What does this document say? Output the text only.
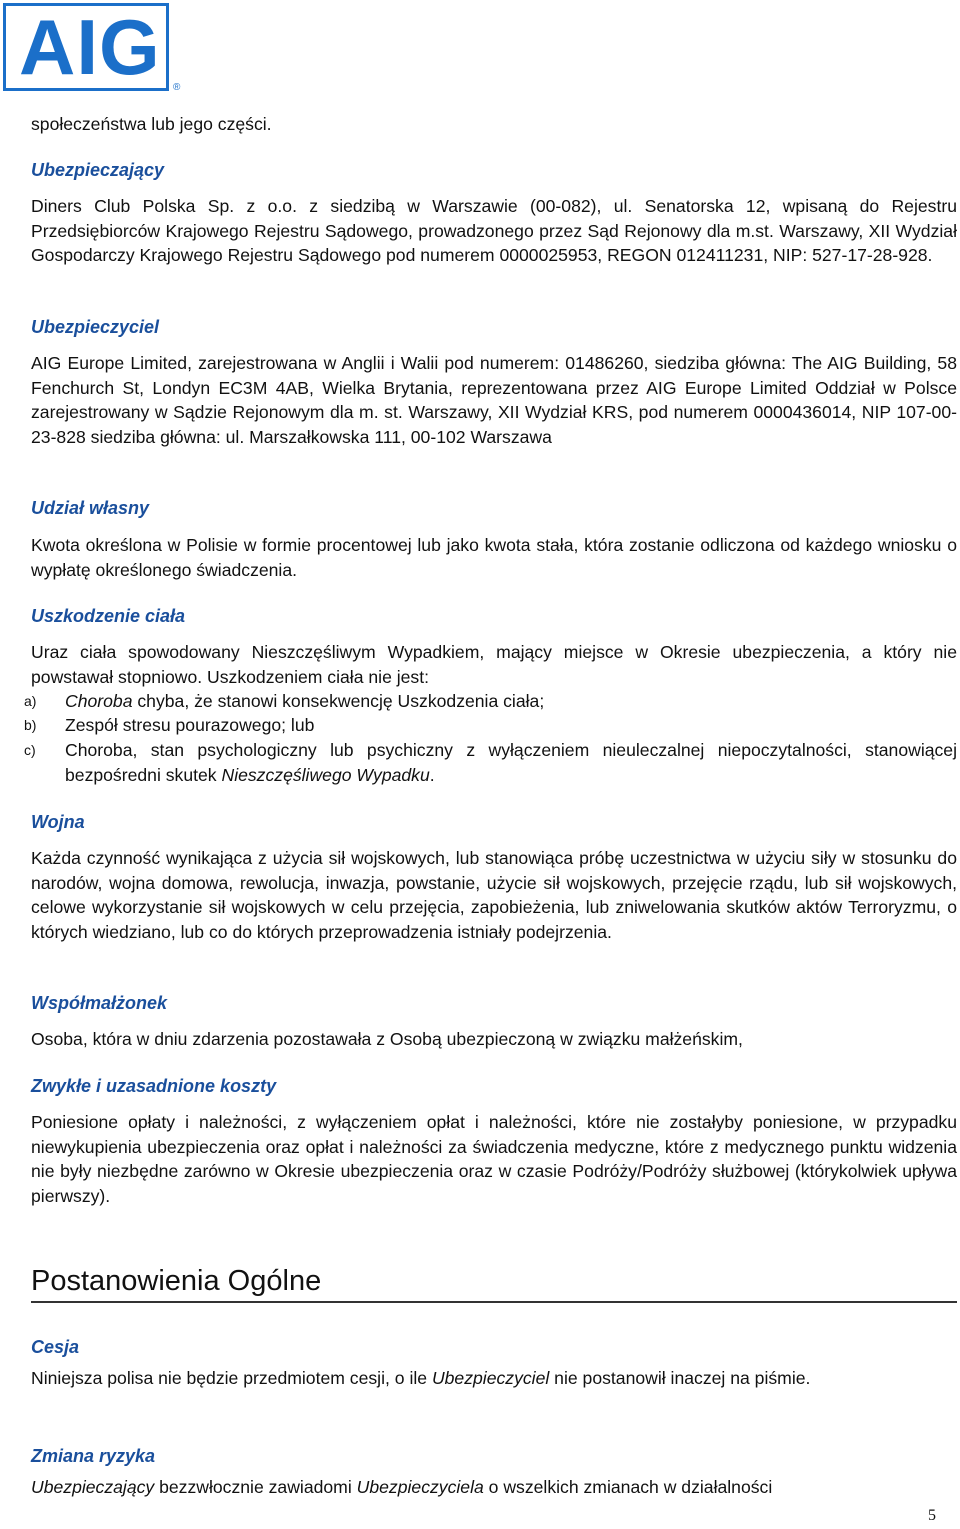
AIG ®

społeczeństwa lub jego części.

Ubezpieczający

Diners Club Polska Sp. z o.o. z siedzibą w Warszawie (00-082), ul. Senatorska 12, wpisaną do Rejestru Przedsiębiorców Krajowego Rejestru Sądowego, prowadzonego przez Sąd Rejonowy dla m.st. Warszawy, XII Wydział Gospodarczy Krajowego Rejestru Sądowego pod numerem 0000025953, REGON 012411231, NIP: 527-17-28-928.

Ubezpieczyciel

AIG Europe Limited, zarejestrowana w Anglii i Walii pod numerem: 01486260, siedziba główna: The AIG Building, 58 Fenchurch St, Londyn EC3M 4AB, Wielka Brytania, reprezentowana przez AIG Europe Limited Oddział w Polsce zarejestrowany w Sądzie Rejonowym dla m. st. Warszawy, XII Wydział KRS, pod numerem 0000436014, NIP 107-00-23-828 siedziba główna: ul. Marszałkowska 111, 00-102 Warszawa

Udział własny

Kwota określona w Polisie w formie procentowej lub jako kwota stała, która zostanie odliczona od każdego wniosku o wypłatę określonego świadczenia.

Uszkodzenie ciała

Uraz ciała spowodowany Nieszczęśliwym Wypadkiem, mający miejsce w Okresie ubezpieczenia, a który nie powstawał stopniowo. Uszkodzeniem ciała nie jest:

a) Choroba chyba, że stanowi konsekwencję Uszkodzenia ciała;
b) Zespół stresu pourazowego; lub
c) Choroba, stan psychologiczny lub psychiczny z wyłączeniem nieuleczalnej niepoczytalności, stanowiącej bezpośredni skutek Nieszczęśliwego Wypadku.
Wojna

Każda czynność wynikająca z użycia sił wojskowych, lub stanowiąca próbę uczestnictwa w użyciu siły w stosunku do narodów, wojna domowa, rewolucja, inwazja, powstanie, użycie sił wojskowych, przejęcie rządu, lub sił wojskowych, celowe wykorzystanie sił wojskowych w celu przejęcia, zapobieżenia, lub zniwelowania skutków aktów Terroryzmu, o których wiedziano, lub co do których przeprowadzenia istniały podejrzenia.

Współmałżonek

Osoba, która w dniu zdarzenia pozostawała z Osobą ubezpieczoną w związku małżeńskim,

Zwykłe i uzasadnione koszty

Poniesione opłaty i należności, z wyłączeniem opłat i należności, które nie zostałyby poniesione, w przypadku niewykupienia ubezpieczenia oraz opłat i należności za świadczenia medyczne, które z medycznego punktu widzenia nie były niezbędne zarówno w Okresie ubezpieczenia oraz w czasie Podróży/Podróży służbowej (którykolwiek upływa pierwszy).

Postanowienia Ogólne
Cesja

Niniejsza polisa nie będzie przedmiotem cesji, o ile Ubezpieczyciel nie postanowił inaczej na piśmie.

Zmiana ryzyka

Ubezpieczający bezzwłocznie zawiadomi Ubezpieczyciela o wszelkich zmianach w działalności

5
